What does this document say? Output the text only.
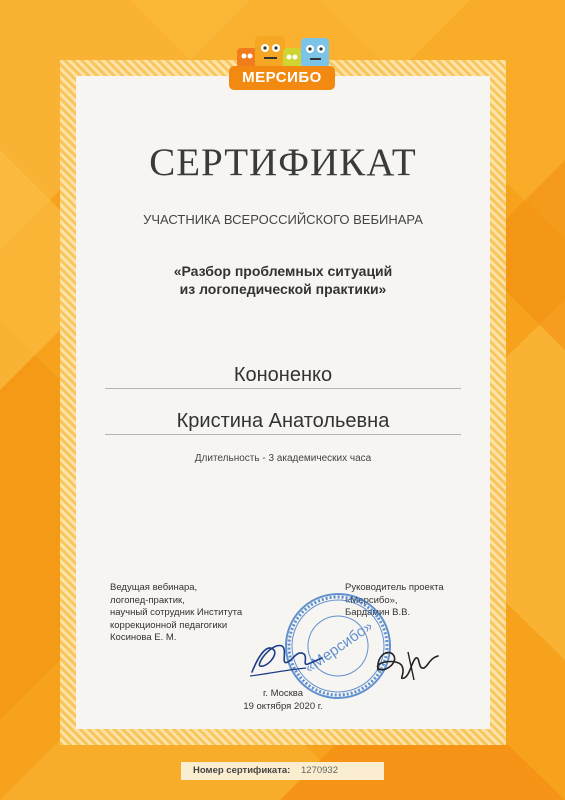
МЕРСИБО
СЕРТИФИКАТ
УЧАСТНИКА ВСЕРОССИЙСКОГО ВЕБИНАРА
«Разбор проблемных ситуаций
из логопедической практики»
Кононенко
Кристина Анатольевна
Длительность - 3 академических часа
Ведущая вебинара,
логопед-практик,
научный сотрудник Института
коррекционной педагогики
Косинова Е. М.
Руководитель проекта
«Мерсибо»,
Бардамин В.В.
«Мерсибо»
г. Москва
19 октября 2020 г.
Номер сертификата: 1270932
